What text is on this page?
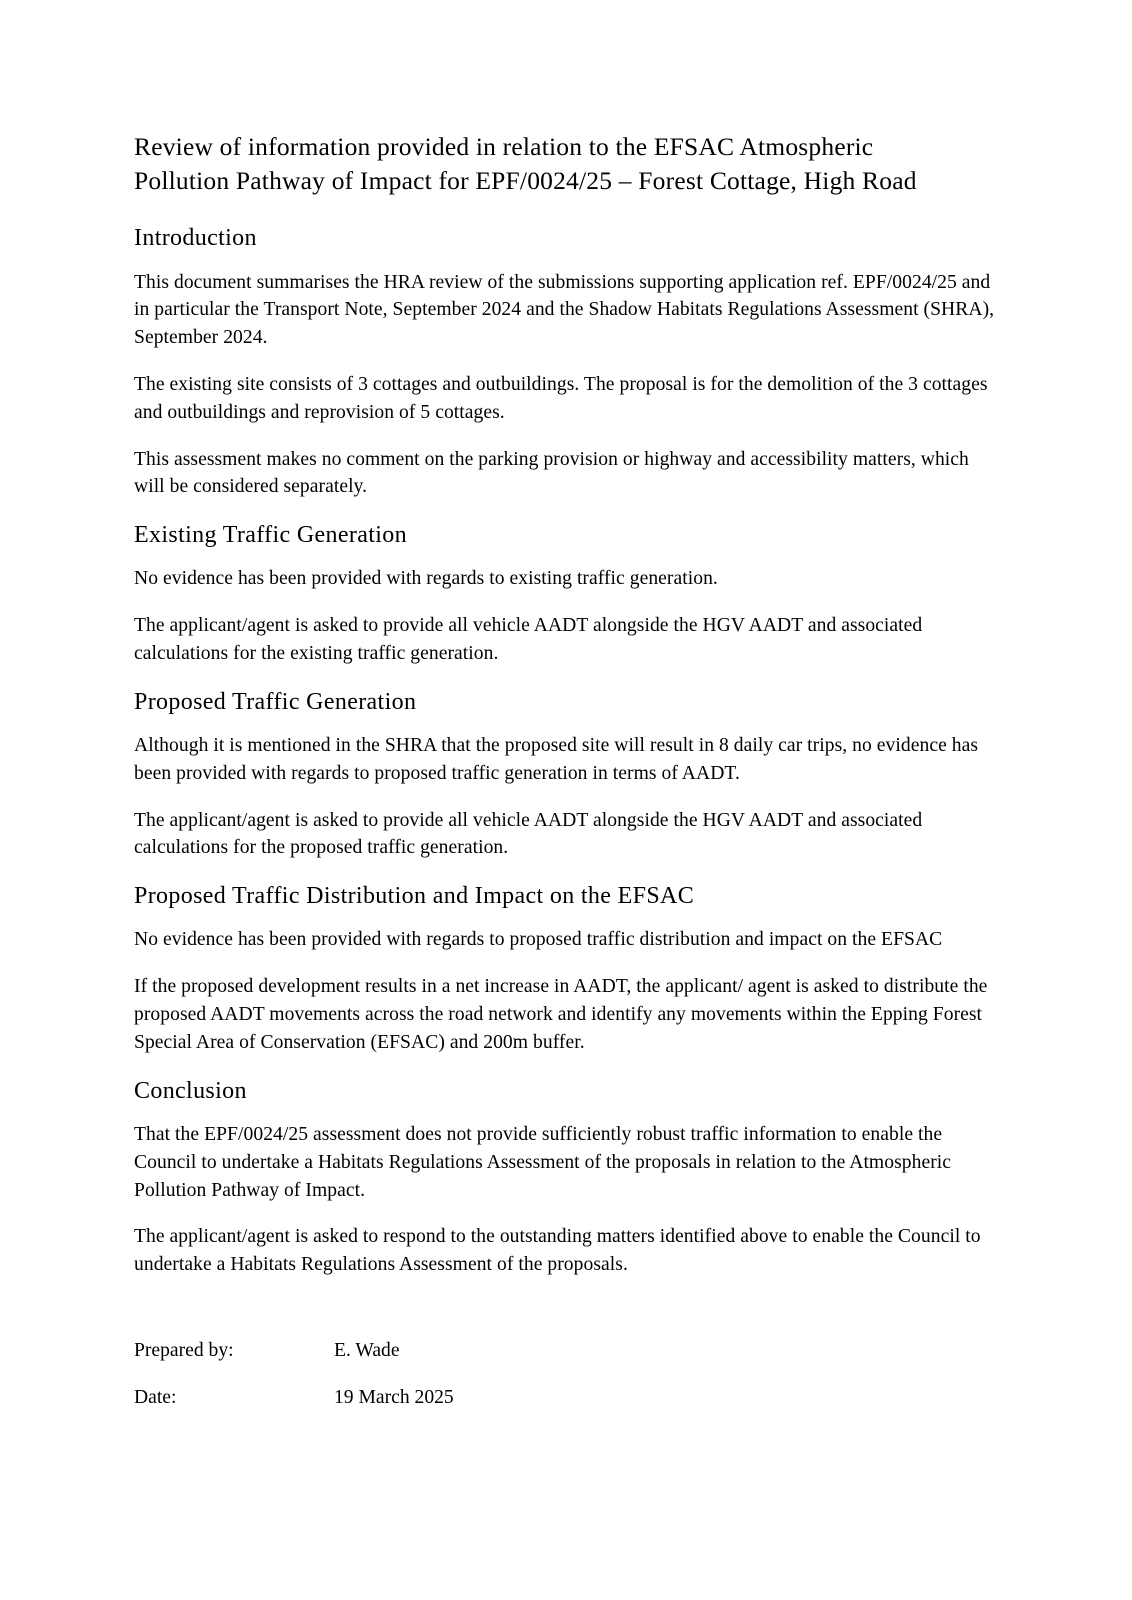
Review of information provided in relation to the EFSAC Atmospheric
Pollution Pathway of Impact for EPF/0024/25 – Forest Cottage, High Road
Introduction

This document summarises the HRA review of the submissions supporting application ref. EPF/0024/25 and in particular the Transport Note, September 2024 and the Shadow Habitats Regulations Assessment (SHRA), September 2024.

The existing site consists of 3 cottages and outbuildings. The proposal is for the demolition of the 3 cottages and outbuildings and reprovision of 5 cottages.

This assessment makes no comment on the parking provision or highway and accessibility matters, which will be considered separately.

Existing Traffic Generation

No evidence has been provided with regards to existing traffic generation.

The applicant/agent is asked to provide all vehicle AADT alongside the HGV AADT and associated calculations for the existing traffic generation.

Proposed Traffic Generation

Although it is mentioned in the SHRA that the proposed site will result in 8 daily car trips, no evidence has been provided with regards to proposed traffic generation in terms of AADT.

The applicant/agent is asked to provide all vehicle AADT alongside the HGV AADT and associated calculations for the proposed traffic generation.

Proposed Traffic Distribution and Impact on the EFSAC

No evidence has been provided with regards to proposed traffic distribution and impact on the EFSAC

If the proposed development results in a net increase in AADT, the applicant/ agent is asked to distribute the proposed AADT movements across the road network and identify any movements within the Epping Forest Special Area of Conservation (EFSAC) and 200m buffer.

Conclusion

That the EPF/0024/25 assessment does not provide sufficiently robust traffic information to enable the Council to undertake a Habitats Regulations Assessment of the proposals in relation to the Atmospheric Pollution Pathway of Impact.

The applicant/agent is asked to respond to the outstanding matters identified above to enable the Council to undertake a Habitats Regulations Assessment of the proposals.

Prepared by:	E. Wade
Date:	19 March 2025
